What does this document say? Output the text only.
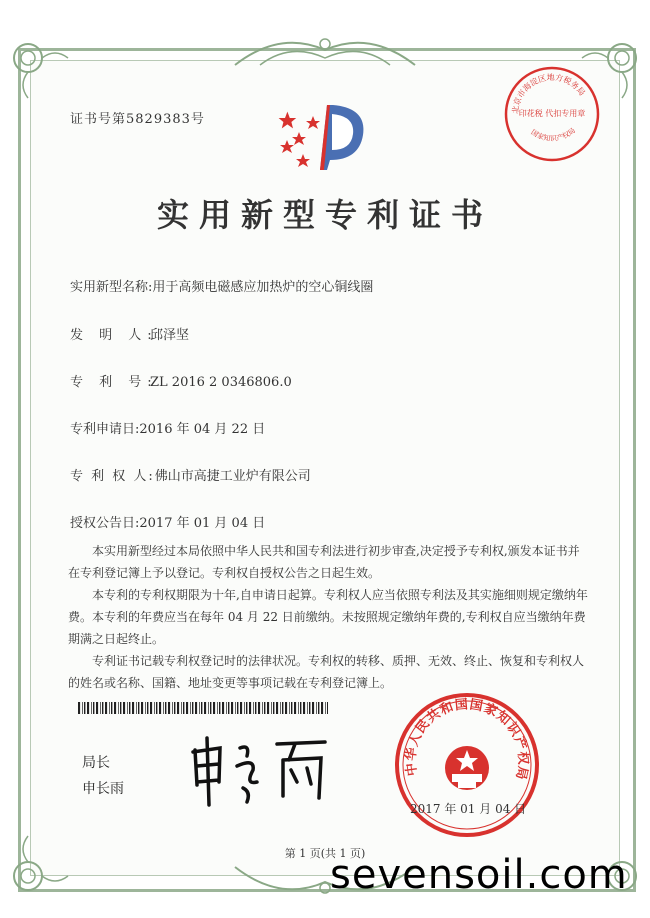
证书号第5829383号
实用新型专利证书
实用新型名称:用于高频电磁感应加热炉的空心铜线圈
发 明 人:邱泽坚
专 利 号:ZL 2016 2 0346806.0
专利申请日:2016 年 04 月 22 日
专 利 权 人:佛山市高捷工业炉有限公司
授权公告日:2017 年 01 月 04 日

本实用新型经过本局依照中华人民共和国专利法进行初步审查,决定授予专利权,颁发本证书并在专利登记簿上予以登记。专利权自授权公告之日起生效。

本专利的专利权期限为十年,自申请日起算。专利权人应当依照专利法及其实施细则规定缴纳年费。本专利的年费应当在每年 04 月 22 日前缴纳。未按照规定缴纳年费的,专利权自应当缴纳年费期满之日起终止。

专利证书记载专利权登记时的法律状况。专利权的转移、质押、无效、终止、恢复和专利权人的姓名或名称、国籍、地址变更等事项记载在专利登记簿上。

局长
申长雨
中华人民共和国国家知识产权局
2017 年 01 月 04 日
北京市海淀区地方税务局
印花税 代扣专用章
国家知识产权局
第 1 页(共 1 页)
sevensoil.com
